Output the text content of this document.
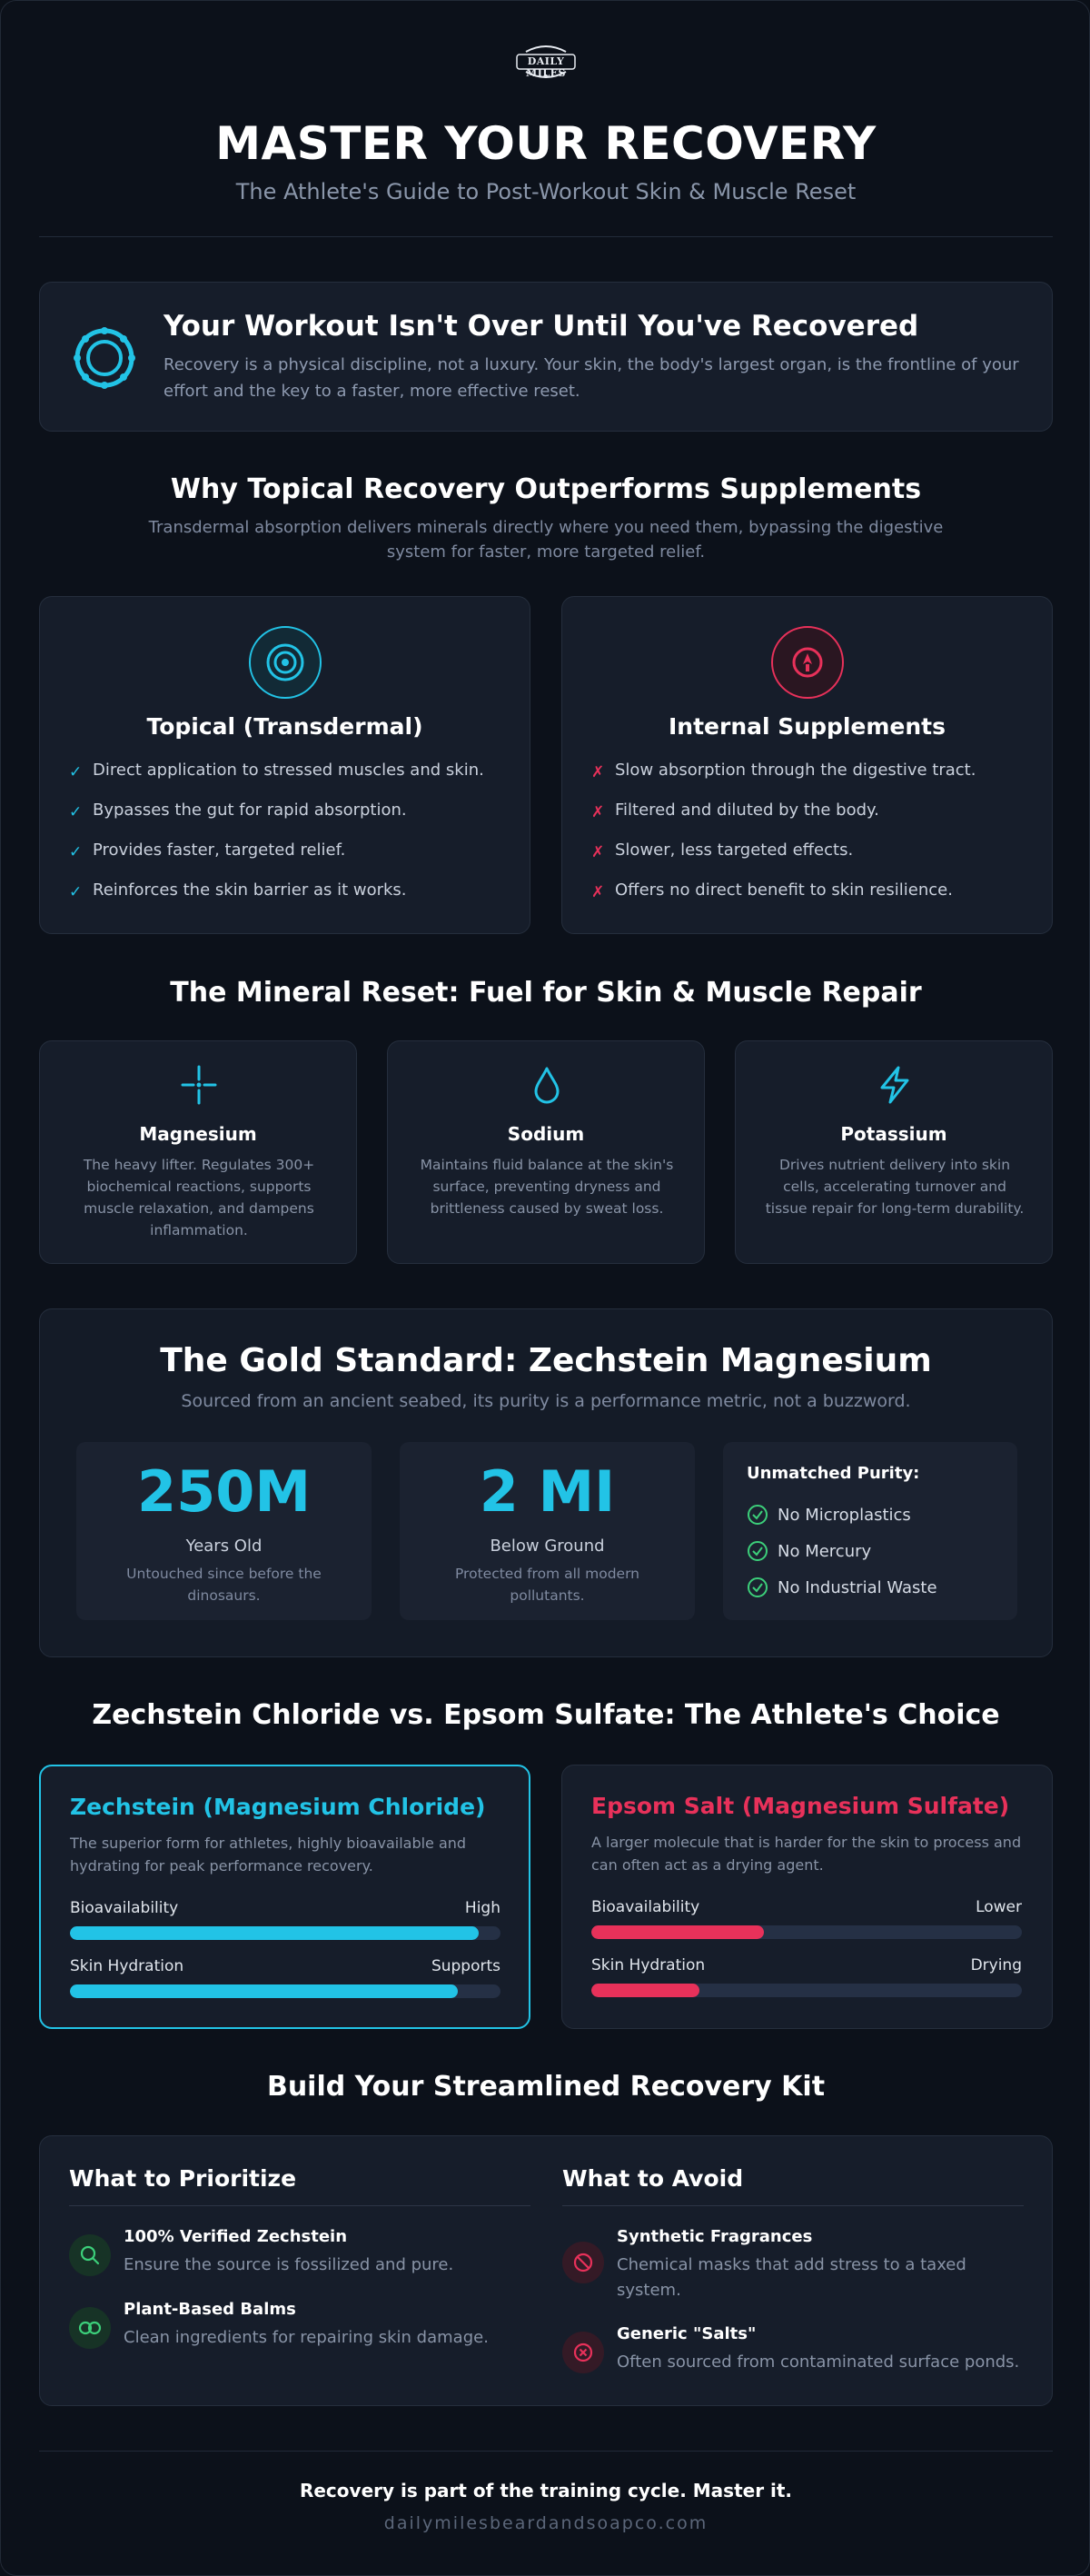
DAILY MILES
MASTER YOUR RECOVERY
The Athlete's Guide to Post-Workout Skin & Muscle Reset
Your Workout Isn't Over Until You've Recovered
Recovery is a physical discipline, not a luxury. Your skin, the body's largest organ, is the frontline of your effort and the key to a faster, more effective reset.
Why Topical Recovery Outperforms Supplements
Transdermal absorption delivers minerals directly where you need them, bypassing the digestive system for faster, more targeted relief.
Topical (Transdermal)
✓ Direct application to stressed muscles and skin.
✓ Bypasses the gut for rapid absorption.
✓ Provides faster, targeted relief.
✓ Reinforces the skin barrier as it works.
Internal Supplements
✗ Slow absorption through the digestive tract.
✗ Filtered and diluted by the body.
✗ Slower, less targeted effects.
✗ Offers no direct benefit to skin resilience.
The Mineral Reset: Fuel for Skin & Muscle Repair
Magnesium
The heavy lifter. Regulates 300+ biochemical reactions, supports muscle relaxation, and dampens inflammation.
Sodium
Maintains fluid balance at the skin's surface, preventing dryness and brittleness caused by sweat loss.
Potassium
Drives nutrient delivery into skin cells, accelerating turnover and tissue repair for long-term durability.
The Gold Standard: Zechstein Magnesium
Sourced from an ancient seabed, its purity is a performance metric, not a buzzword.
250M
Years Old
Untouched since before the dinosaurs.
2 MI
Below Ground
Protected from all modern pollutants.
Unmatched Purity:
No Microplastics
No Mercury
No Industrial Waste
Zechstein Chloride vs. Epsom Sulfate: The Athlete's Choice
Zechstein (Magnesium Chloride)
The superior form for athletes, highly bioavailable and hydrating for peak performance recovery.
Bioavailability	High
Skin Hydration	Supports
Epsom Salt (Magnesium Sulfate)
A larger molecule that is harder for the skin to process and can often act as a drying agent.
Bioavailability	Lower
Skin Hydration	Drying
Build Your Streamlined Recovery Kit
What to Prioritize
100% Verified Zechstein
Ensure the source is fossilized and pure.
Plant-Based Balms
Clean ingredients for repairing skin damage.
What to Avoid
Synthetic Fragrances
Chemical masks that add stress to a taxed system.
Generic "Salts"
Often sourced from contaminated surface ponds.
Recovery is part of the training cycle. Master it.
dailymilesbeardandsoapco.com
